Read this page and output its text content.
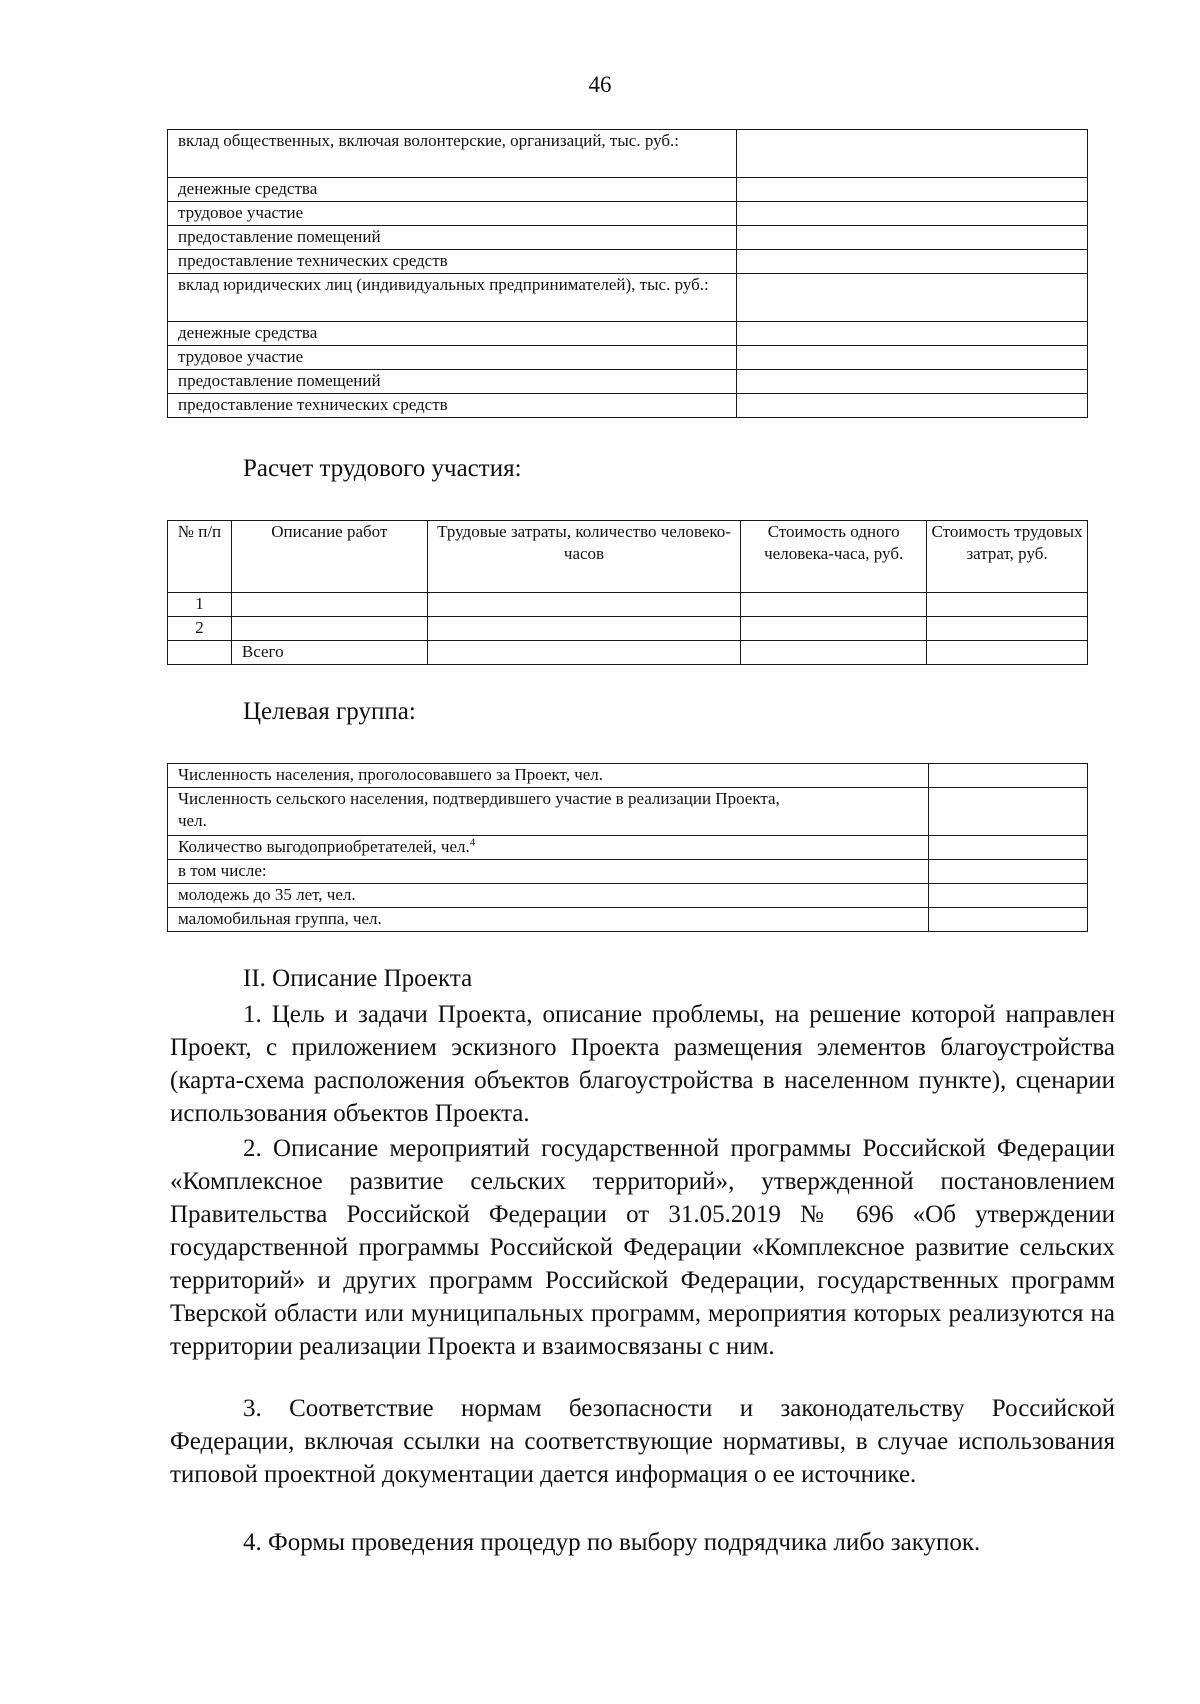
46
вклад общественных, включая волонтерские, организаций, тыс. руб.:	
денежные средства	
трудовое участие	
предоставление помещений	
предоставление технических средств	
вклад юридических лиц (индивидуальных предпринимателей), тыс. руб.:	
денежные средства	
трудовое участие	
предоставление помещений	
предоставление технических средств	
Расчет трудового участия:
№ п/п	Описание работ	Трудовые затраты, количество человеко-часов	Стоимость одного человека-часа, руб.	Стоимость трудовых затрат, руб.
1				
2				
	Всего			
Целевая группа:
Численность населения, проголосовавшего за Проект, чел.	
Численность сельского населения, подтвердившего участие в реализации Проекта, чел.	
Количество выгодоприобретателей, чел.$^4$	
в том числе:	
молодежь до 35 лет, чел.	
маломобильная группа, чел.	
II. Описание Проекта

1. Цель и задачи Проекта, описание проблемы, на решение которой направлен Проект, с приложением эскизного Проекта размещения элементов благоустройства (карта-схема расположения объектов благоустройства в населенном пункте), сценарии использования объектов Проекта.

2. Описание мероприятий государственной программы Российской Федерации «Комплексное развитие сельских территорий», утвержденной постановлением Правительства Российской Федерации от 31.05.2019 № 696 «Об утверждении государственной программы Российской Федерации «Комплексное развитие сельских территорий» и других программ Российской Федерации, государственных программ Тверской области или муниципальных программ, мероприятия которых реализуются на территории реализации Проекта и взаимосвязаны с ним.

3. Соответствие нормам безопасности и законодательству Российской Федерации, включая ссылки на соответствующие нормативы, в случае использования типовой проектной документации дается информация о ее источнике.

4. Формы проведения процедур по выбору подрядчика либо закупок.
